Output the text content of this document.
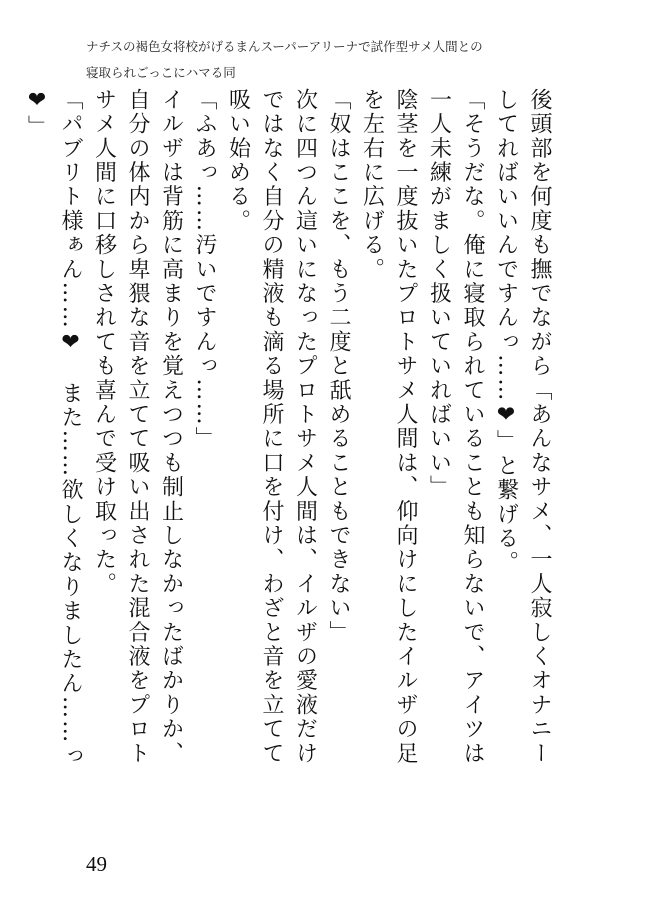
ナチスの褐色女将校がげるまんスーパーアリーナで試作型サメ人間との
寝取られごっこにハマる同

後頭部を何度も撫でながら「あんなサメ、一人寂しくオナニーしてればいいんですんっ……❤」と繋げる。

「そうだな。俺に寝取られていることも知らないで、アイツは一人未練がましく扱いていればいい」

陰茎を一度抜いたプロトサメ人間は、仰向けにしたイルザの足を左右に広げる。

「奴はここを、もう二度と舐めることもできない」

次に四つん這いになったプロトサメ人間は、イルザの愛液だけではなく自分の精液も滴る場所に口を付け、わざと音を立てて吸い始める。

「ふあっ……汚いですんっ……」

イルザは背筋に高まりを覚えつつも制止しなかったばかりか、自分の体内から卑猥な音を立てて吸い出された混合液をプロトサメ人間に口移しされても喜んで受け取った。

「パブリト様ぁん……❤　また……欲しくなりましたん……っ❤」

49
